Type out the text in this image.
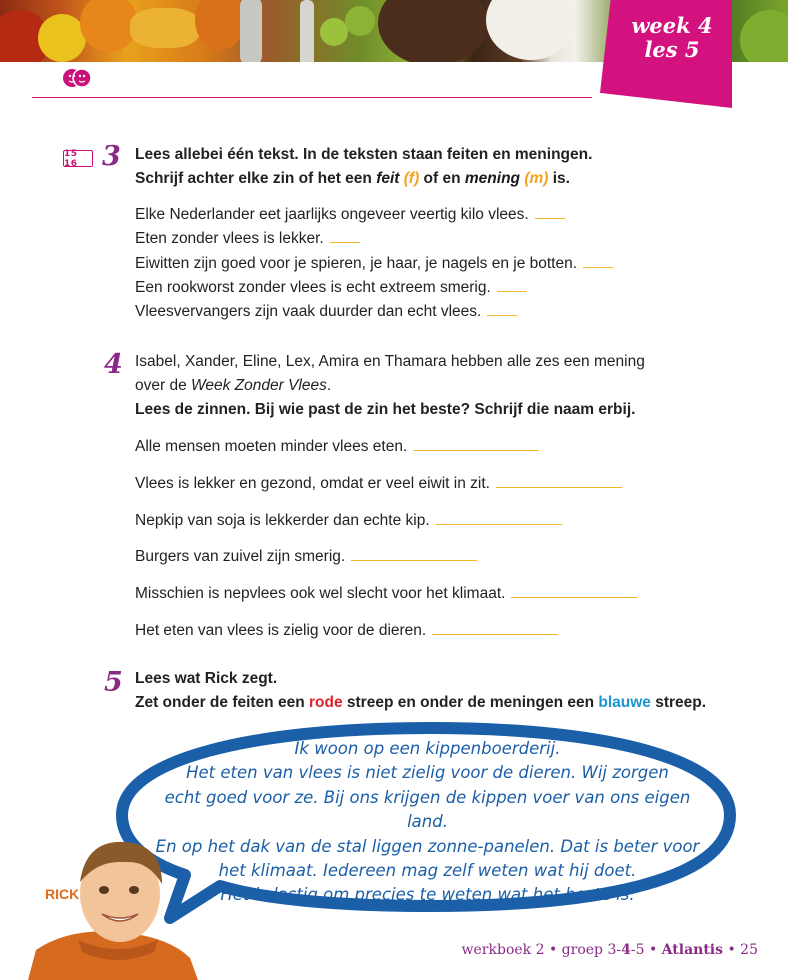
week 4
les 5
15 16 3 Lees allebei één tekst. In de teksten staan feiten en meningen.
Schrijf achter elke zin of het een feit (f) of en mening (m) is.
Elke Nederlander eet jaarlijks ongeveer veertig kilo vlees.
Eten zonder vlees is lekker.
Eiwitten zijn goed voor je spieren, je haar, je nagels en je botten.
Een rookworst zonder vlees is echt extreem smerig.
Vleesvervangers zijn vaak duurder dan echt vlees.
4 Isabel, Xander, Eline, Lex, Amira en Thamara hebben alle zes een mening
over de Week Zonder Vlees.
Lees de zinnen. Bij wie past de zin het beste? Schrijf die naam erbij.
Alle mensen moeten minder vlees eten.
Vlees is lekker en gezond, omdat er veel eiwit in zit.
Nepkip van soja is lekkerder dan echte kip.
Burgers van zuivel zijn smerig.
Misschien is nepvlees ook wel slecht voor het klimaat.
Het eten van vlees is zielig voor de dieren.
5 Lees wat Rick zegt.
Zet onder de feiten een rode streep en onder de meningen een blauwe streep.
Ik woon op een kippenboerderij.
Het eten van vlees is niet zielig voor de dieren. Wij zorgen
echt goed voor ze. Bij ons krijgen de kippen voer van ons eigen land.
En op het dak van de stal liggen zonne-panelen. Dat is beter voor
het klimaat. Iedereen mag zelf weten wat hij doet.
Het is lastig om precies te weten wat het beste is.
RICK
werkboek 2 • groep 3-4-5 • Atlantis • 25
